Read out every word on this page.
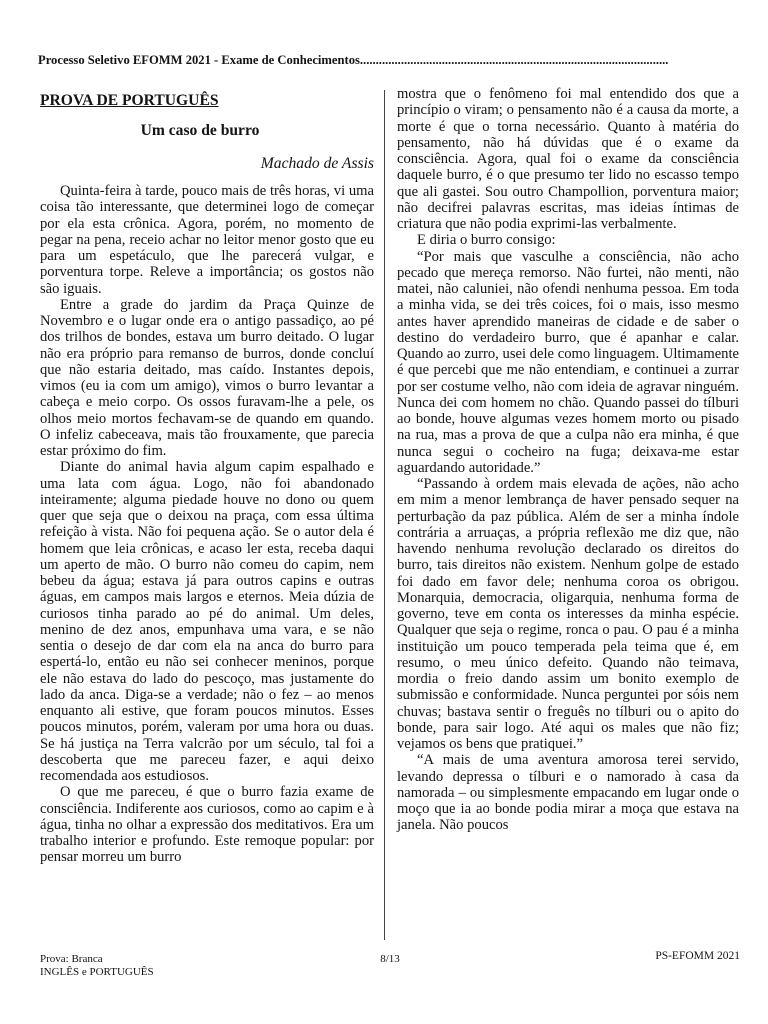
Processo Seletivo EFOMM 2021 - Exame de Conhecimentos..................................................................................................
PROVA DE PORTUGUÊS
Um caso de burro
Machado de Assis

Quinta-feira à tarde, pouco mais de três horas, vi uma coisa tão interessante, que determinei logo de começar por ela esta crônica. Agora, porém, no momento de pegar na pena, receio achar no leitor menor gosto que eu para um espetáculo, que lhe parecerá vulgar, e porventura torpe. Releve a importância; os gostos não são iguais.

Entre a grade do jardim da Praça Quinze de Novembro e o lugar onde era o antigo passadiço, ao pé dos trilhos de bondes, estava um burro deitado. O lugar não era próprio para remanso de burros, donde concluí que não estaria deitado, mas caído. Instantes depois, vimos (eu ia com um amigo), vimos o burro levantar a cabeça e meio corpo. Os ossos furavam-lhe a pele, os olhos meio mortos fechavam-se de quando em quando. O infeliz cabeceava, mais tão frouxamente, que parecia estar próximo do fim.

Diante do animal havia algum capim espalhado e uma lata com água. Logo, não foi abandonado inteiramente; alguma piedade houve no dono ou quem quer que seja que o deixou na praça, com essa última refeição à vista. Não foi pequena ação. Se o autor dela é homem que leia crônicas, e acaso ler esta, receba daqui um aperto de mão. O burro não comeu do capim, nem bebeu da água; estava já para outros capins e outras águas, em campos mais largos e eternos. Meia dúzia de curiosos tinha parado ao pé do animal. Um deles, menino de dez anos, empunhava uma vara, e se não sentia o desejo de dar com ela na anca do burro para espertá-lo, então eu não sei conhecer meninos, porque ele não estava do lado do pescoço, mas justamente do lado da anca. Diga-se a verdade; não o fez – ao menos enquanto ali estive, que foram poucos minutos. Esses poucos minutos, porém, valeram por uma hora ou duas. Se há justiça na Terra valcrão por um século, tal foi a descoberta que me pareceu fazer, e aqui deixo recomendada aos estudiosos.

O que me pareceu, é que o burro fazia exame de consciência. Indiferente aos curiosos, como ao capim e à água, tinha no olhar a expressão dos meditativos. Era um trabalho interior e profundo. Este remoque popular: por pensar morreu um burro

mostra que o fenômeno foi mal entendido dos que a princípio o viram; o pensamento não é a causa da morte, a morte é que o torna necessário. Quanto à matéria do pensamento, não há dúvidas que é o exame da consciência. Agora, qual foi o exame da consciência daquele burro, é o que presumo ter lido no escasso tempo que ali gastei. Sou outro Champollion, porventura maior; não decifrei palavras escritas, mas ideias íntimas de criatura que não podia exprimi-las verbalmente.

E diria o burro consigo:

“Por mais que vasculhe a consciência, não acho pecado que mereça remorso. Não furtei, não menti, não matei, não caluniei, não ofendi nenhuma pessoa. Em toda a minha vida, se dei três coices, foi o mais, isso mesmo antes haver aprendido maneiras de cidade e de saber o destino do verdadeiro burro, que é apanhar e calar. Quando ao zurro, usei dele como linguagem. Ultimamente é que percebi que me não entendiam, e continuei a zurrar por ser costume velho, não com ideia de agravar ninguém. Nunca dei com homem no chão. Quando passei do tílburi ao bonde, houve algumas vezes homem morto ou pisado na rua, mas a prova de que a culpa não era minha, é que nunca segui o cocheiro na fuga; deixava-me estar aguardando autoridade.”

“Passando à ordem mais elevada de ações, não acho em mim a menor lembrança de haver pensado sequer na perturbação da paz pública. Além de ser a minha índole contrária a arruaças, a própria reflexão me diz que, não havendo nenhuma revolução declarado os direitos do burro, tais direitos não existem. Nenhum golpe de estado foi dado em favor dele; nenhuma coroa os obrigou. Monarquia, democracia, oligarquia, nenhuma forma de governo, teve em conta os interesses da minha espécie. Qualquer que seja o regime, ronca o pau. O pau é a minha instituição um pouco temperada pela teima que é, em resumo, o meu único defeito. Quando não teimava, mordia o freio dando assim um bonito exemplo de submissão e conformidade. Nunca perguntei por sóis nem chuvas; bastava sentir o freguês no tílburi ou o apito do bonde, para sair logo. Até aqui os males que não fiz; vejamos os bens que pratiquei.”

“A mais de uma aventura amorosa terei servido, levando depressa o tílburi e o namorado à casa da namorada – ou simplesmente empacando em lugar onde o moço que ia ao bonde podia mirar a moça que estava na janela. Não poucos

Prova: Branca
INGLÊS e PORTUGUÊS
8/13	PS-EFOMM 2021
